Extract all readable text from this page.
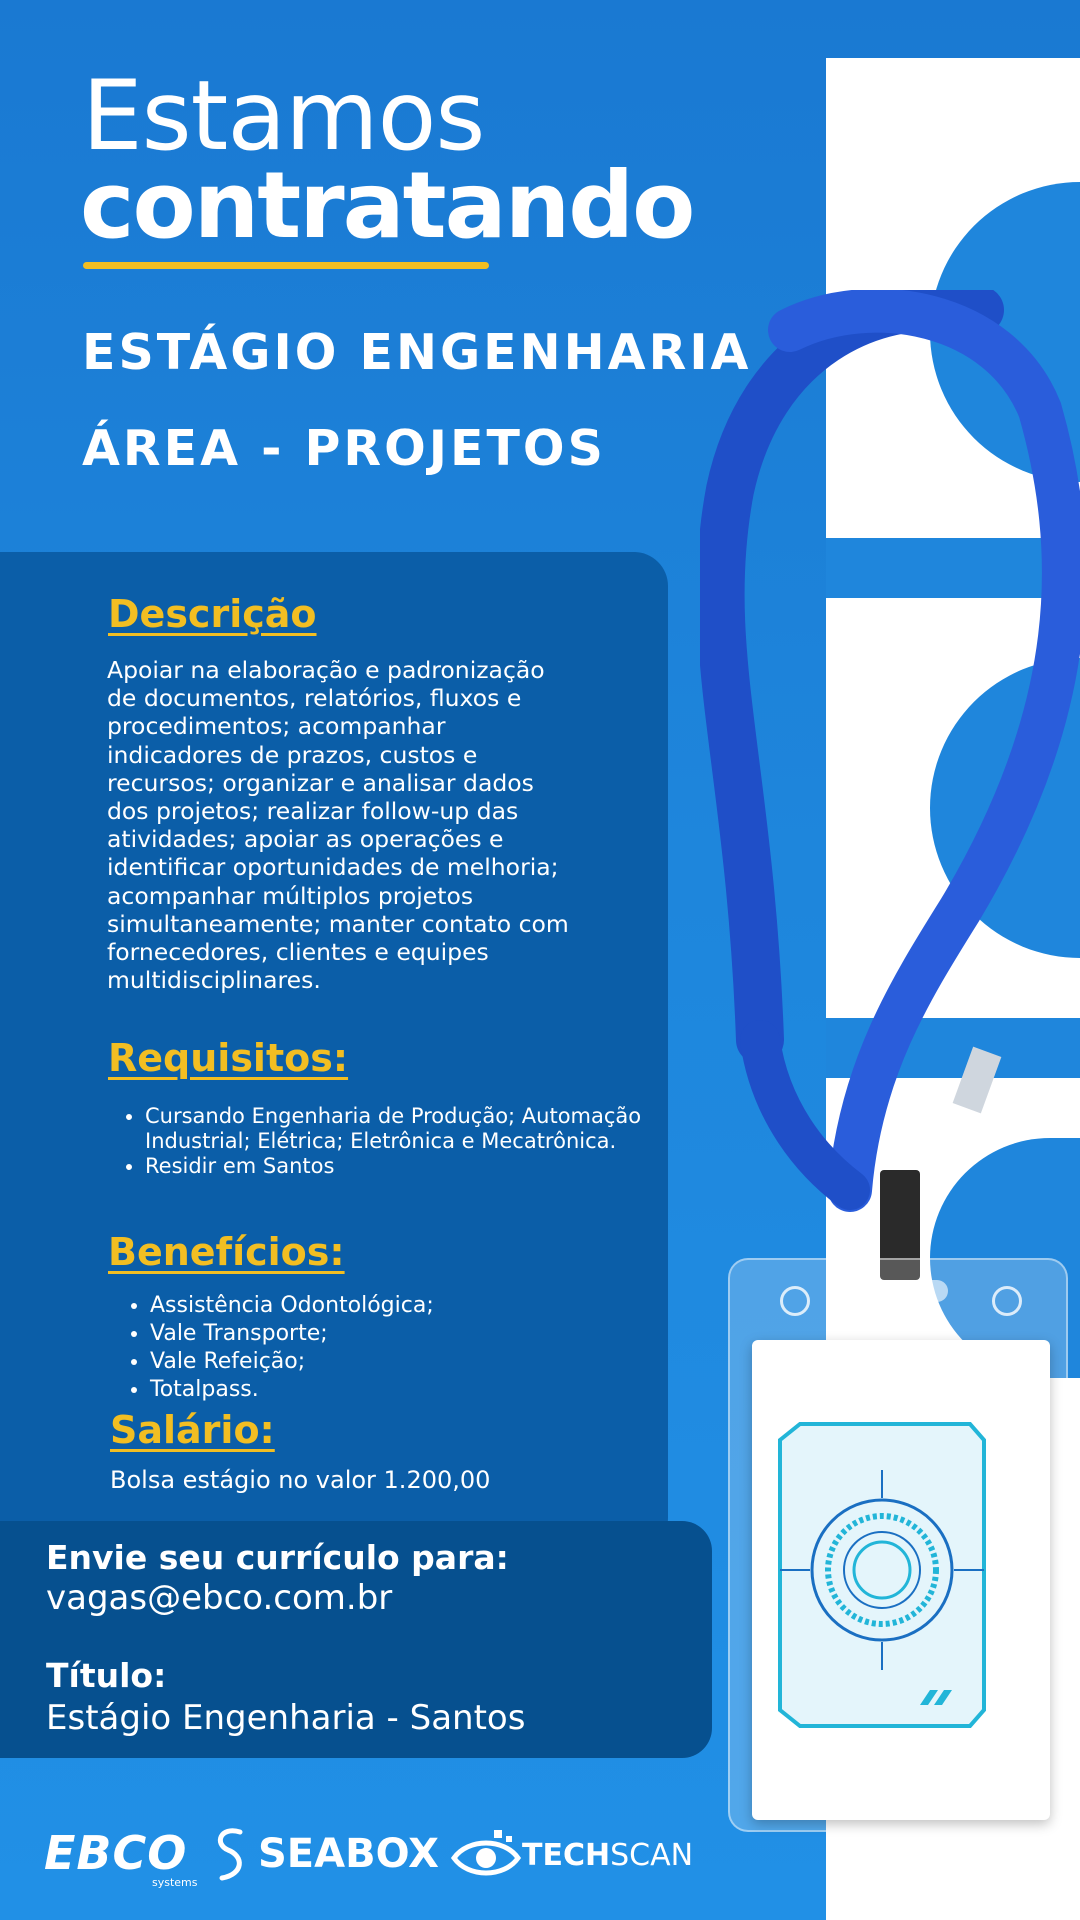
Estamos
contratando
ESTÁGIO ENGENHARIA
ÁREA - PROJETOS
Descrição
Apoiar na elaboração e padronização de documentos, relatórios, fluxos e procedimentos; acompanhar indicadores de prazos, custos e recursos; organizar e analisar dados dos projetos; realizar follow-up das atividades; apoiar as operações e identificar oportunidades de melhoria; acompanhar múltiplos projetos simultaneamente; manter contato com fornecedores, clientes e equipes multidisciplinares.
Requisitos:
• Cursando Engenharia de Produção; Automação Industrial; Elétrica; Eletrônica e Mecatrônica.
• Residir em Santos
Benefícios:
• Assistência Odontológica;
• Vale Transporte;
• Vale Refeição;
• Totalpass.
Salário:
Bolsa estágio no valor 1.200,00
Envie seu currículo para:
vagas@ebco.com.br
Título:
Estágio Engenharia - Santos
EBCO
systems
SEABOX	TECHSCAN
